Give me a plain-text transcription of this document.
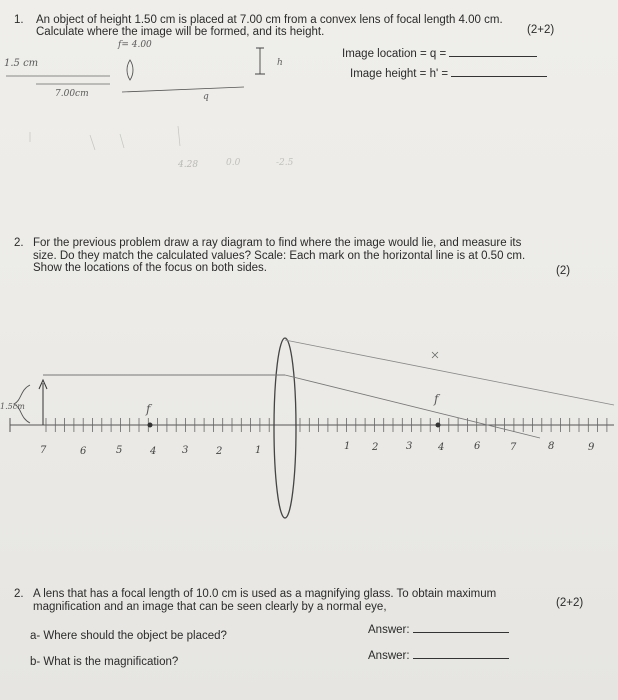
1. An object of height 1.50 cm is placed at 7.00 cm from a convex lens of focal length 4.00 cm.
Calculate where the image will be formed, and its height.	(2+2)
Image location = q =
Image height = h' =
1.5 cm
f= 4.00
7.00cm	q
h
4.28	0.0	-2.5
2. For the previous problem draw a ray diagram to find where the image would lie, and measure its
size. Do they match the calculated values? Scale: Each mark on the horizontal line is at 0.50 cm.
Show the locations of the focus on both sides.	(2)
1.5cm	f
f
7	6	5	4	3	2	1	1 2	3	4	6	7	8	9
2. A lens that has a focal length of 10.0 cm is used as a magnifying glass. To obtain maximum
magnification and an image that can be seen clearly by a normal eye,	(2+2)
a- Where should the object be placed?	Answer:
b- What is the magnification?	Answer:
